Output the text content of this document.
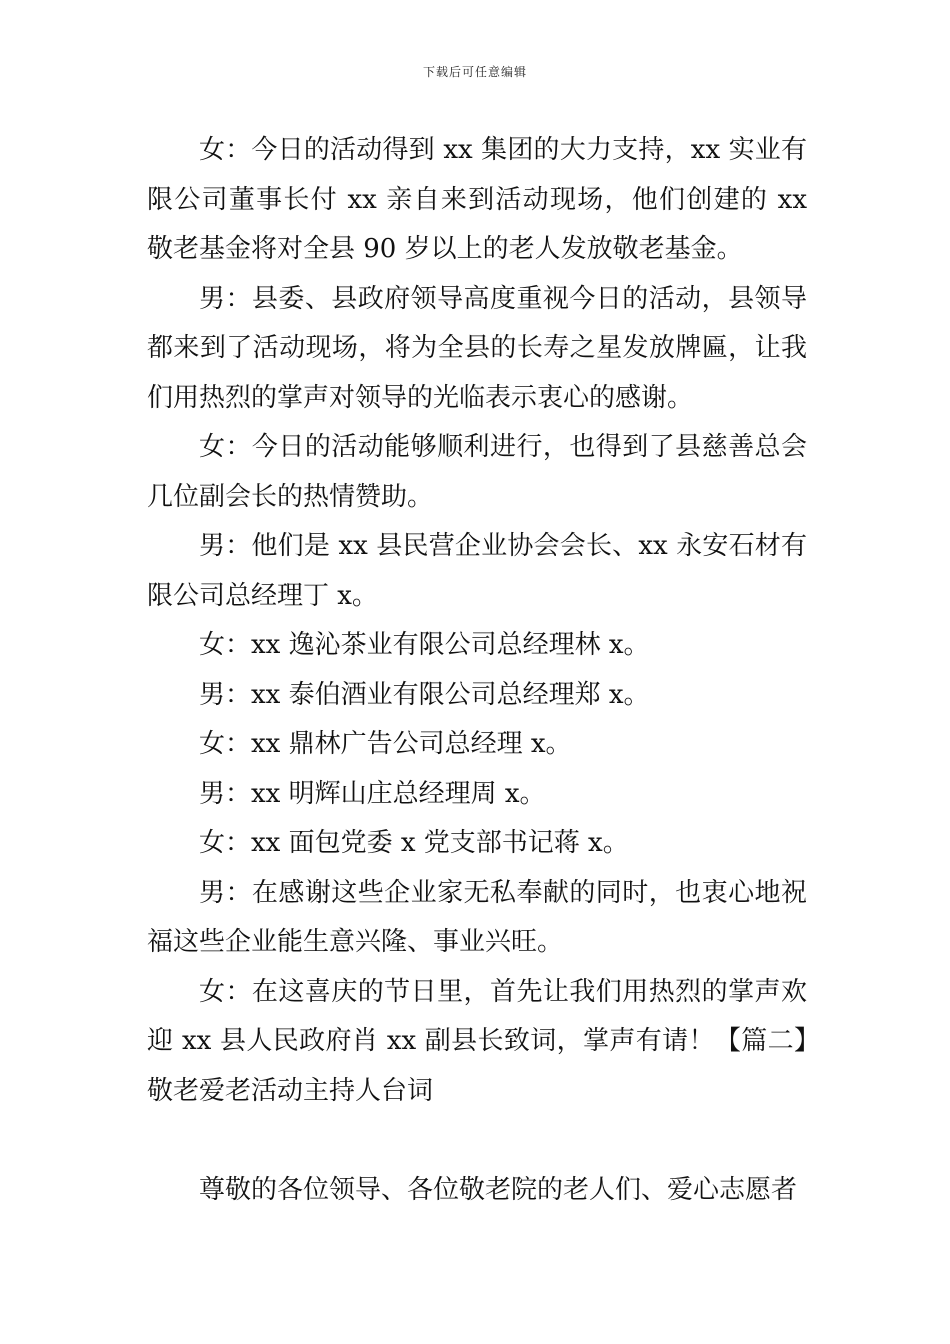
下载后可任意编辑

女：今日的活动得到 xx 集团的大力支持，xx 实业有限公司董事长付 xx 亲自来到活动现场，他们创建的 xx 敬老基金将对全县 90 岁以上的老人发放敬老基金。

男：县委、县政府领导高度重视今日的活动，县领导都来到了活动现场，将为全县的长寿之星发放牌匾，让我们用热烈的掌声对领导的光临表示衷心的感谢。

女：今日的活动能够顺利进行，也得到了县慈善总会几位副会长的热情赞助。

男：他们是 xx 县民营企业协会会长、xx 永安石材有限公司总经理丁 x。

女：xx 逸沁茶业有限公司总经理林 x。

男：xx 泰伯酒业有限公司总经理郑 x。

女：xx 鼎林广告公司总经理 x。

男：xx 明辉山庄总经理周 x。

女：xx 面包党委 x 党支部书记蒋 x。

男：在感谢这些企业家无私奉献的同时，也衷心地祝福这些企业能生意兴隆、事业兴旺。

女：在这喜庆的节日里，首先让我们用热烈的掌声欢迎 xx 县人民政府肖 xx 副县长致词，掌声有请！【篇二】敬老爱老活动主持人台词

尊敬的各位领导、各位敬老院的老人们、爱心志愿者
